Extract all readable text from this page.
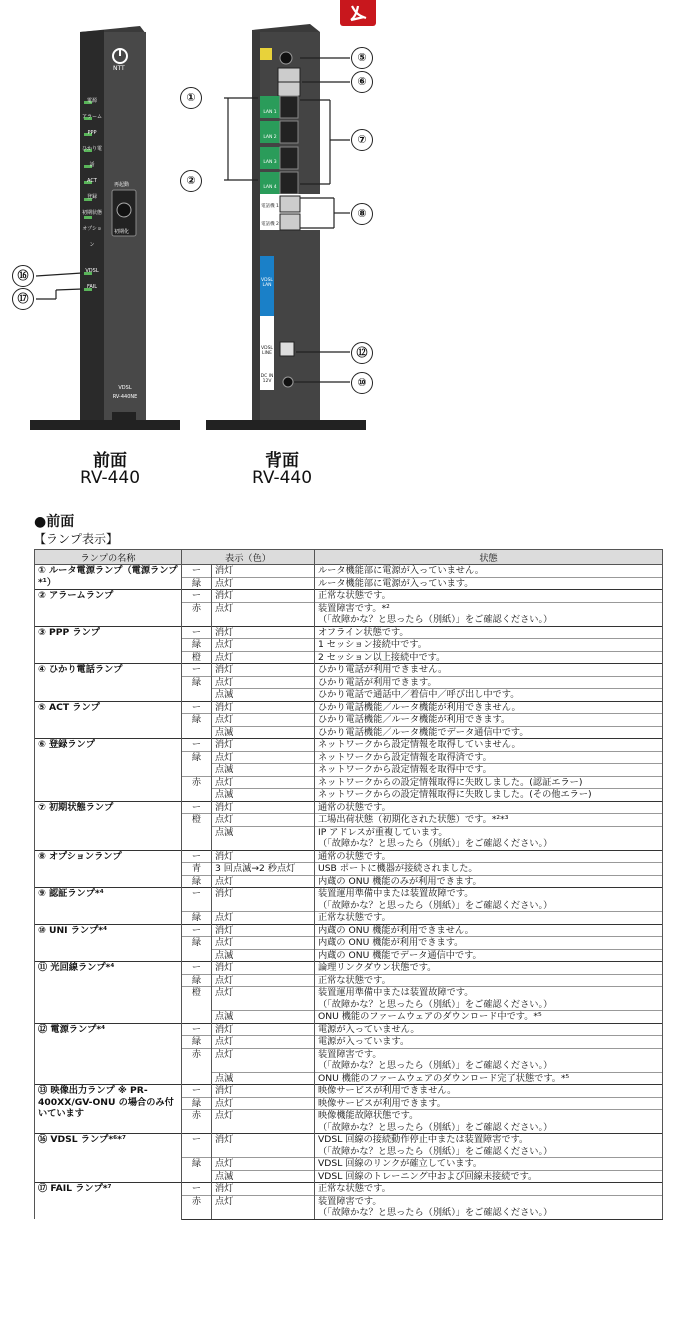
NTT
電源
アラーム
PPP
ひかり電話
ACT
登録
初期状態
オプション
VDSL
FAIL
再起動
初期化
VDSL
RV-440NE
⑯
⑰
前面
RV-440
LAN 1
LAN 2
LAN 3
LAN 4
電話機 1
電話機 2
VDSL LAN
VDSL LINE
DC IN 12V
⑤
⑥
①
⑦
②
⑧
⑫
⑩
背面
RV-440
●前面
【ランプ表示】
ランプの名称	表示（色）		状態
① ルータ電源ランプ（電源ランプ*¹）	ー	消灯	ルータ機能部に電源が入っていません。
	緑	点灯	ルータ機能部に電源が入っています。
② アラームランプ	ー	消灯	正常な状態です。
	赤	点灯	装置障害です。*²
			（「故障かな？と思ったら（別紙）」をご確認ください。）
③ PPP ランプ	ー	消灯	オフライン状態です。
	緑	点灯	1 セッション接続中です。
	橙	点灯	2 セッション以上接続中です。
④ ひかり電話ランプ	ー	消灯	ひかり電話が利用できません。
	緑	点灯	ひかり電話が利用できます。
		点滅	ひかり電話で通話中／着信中／呼び出し中です。
⑤ ACT ランプ	ー	消灯	ひかり電話機能／ルータ機能が利用できません。
	緑	点灯	ひかり電話機能／ルータ機能が利用できます。
		点滅	ひかり電話機能／ルータ機能でデータ通信中です。
⑥ 登録ランプ	ー	消灯	ネットワークから設定情報を取得していません。
	緑	点灯	ネットワークから設定情報を取得済です。
		点滅	ネットワークから設定情報を取得中です。
	赤	点灯	ネットワークからの設定情報取得に失敗しました。(認証エラー)
		点滅	ネットワークからの設定情報取得に失敗しました。(その他エラー)
⑦ 初期状態ランプ	ー	消灯	通常の状態です。
	橙	点灯	工場出荷状態（初期化された状態）です。*²*³
		点滅	IP アドレスが重複しています。
			（「故障かな？と思ったら（別紙）」をご確認ください。）
⑧ オプションランプ	ー	消灯	通常の状態です。
	青	3 回点滅→2 秒点灯	USB ポートに機器が接続されました。
	緑	点灯	内蔵の ONU 機能のみが利用できます。
⑨ 認証ランプ*⁴	ー	消灯	装置運用準備中または装置故障です。
			（「故障かな？と思ったら（別紙）」をご確認ください。）
	緑	点灯	正常な状態です。
⑩ UNI ランプ*⁴	ー	消灯	内蔵の ONU 機能が利用できません。
	緑	点灯	内蔵の ONU 機能が利用できます。
		点滅	内蔵の ONU 機能でデータ通信中です。
⑪ 光回線ランプ*⁴	ー	消灯	論理リンクダウン状態です。
	緑	点灯	正常な状態です。
	橙	点灯	装置運用準備中または装置故障です。
			（「故障かな？と思ったら（別紙）」をご確認ください。）
		点滅	ONU 機能のファームウェアのダウンロード中です。*⁵
⑫ 電源ランプ*⁴	ー	消灯	電源が入っていません。
	緑	点灯	電源が入っています。
	赤	点灯	装置障害です。
			（「故障かな？と思ったら（別紙）」をご確認ください。）
		点滅	ONU 機能のファームウェアのダウンロード完了状態です。*⁵
⑬ 映像出力ランプ ※ PR-400XX/GV-ONU の場合のみ付いています	ー	消灯	映像サービスが利用できません。
	緑	点灯	映像サービスが利用できます。
	赤	点灯	映像機能故障状態です。
			（「故障かな？と思ったら（別紙）」をご確認ください。）
⑯ VDSL ランプ*⁶*⁷	ー	消灯	VDSL 回線の接続動作停止中または装置障害です。
			（「故障かな？と思ったら（別紙）」をご確認ください。）
	緑	点灯	VDSL 回線のリンクが確立しています。
		点滅	VDSL 回線のトレーニング中および回線未接続です。
⑰ FAIL ランプ*⁷	ー	消灯	正常な状態です。
	赤	点灯	装置障害です。
			（「故障かな？と思ったら（別紙）」をご確認ください。）
